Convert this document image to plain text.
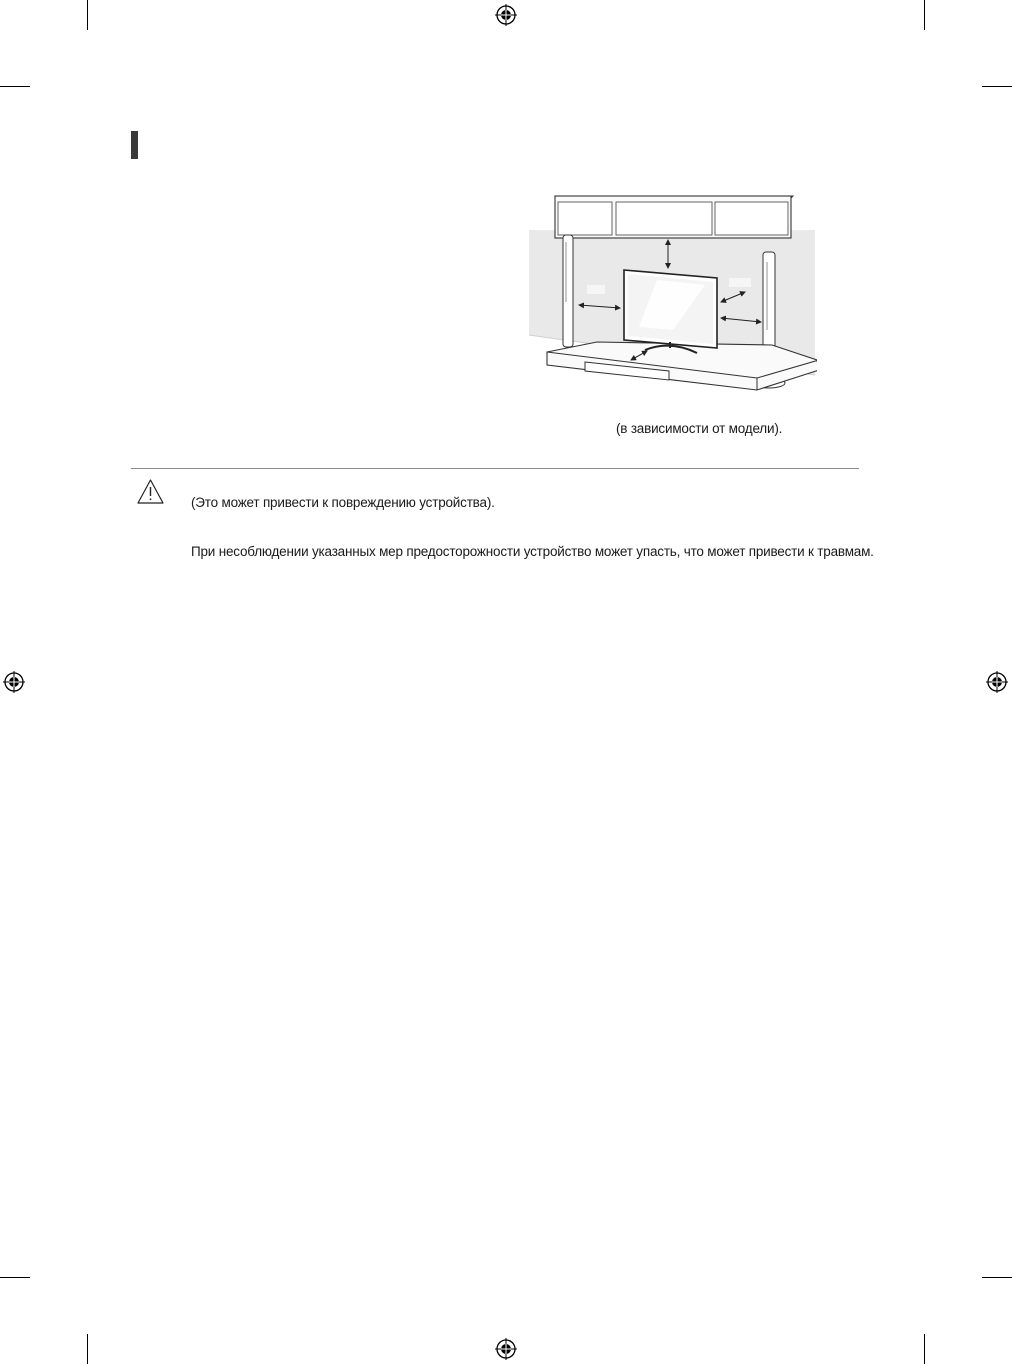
(в зависимости от модели).
(Это может привести к повреждению устройства).
При несоблюдении указанных мер предосторожности устройство может упасть, что может привести к травмам.
